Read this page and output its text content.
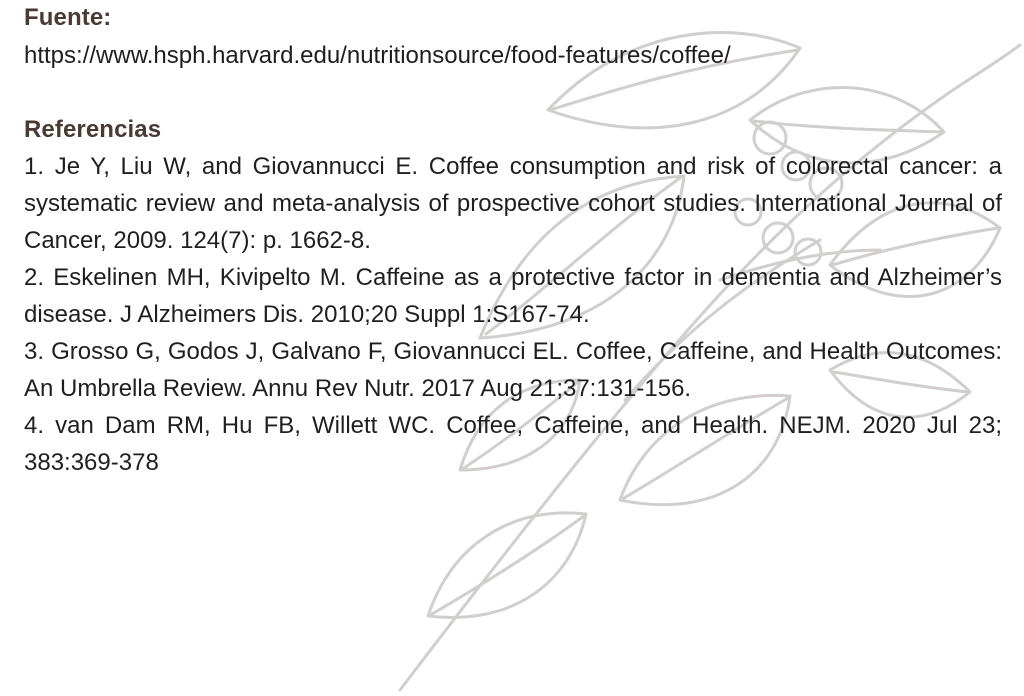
Fuente:

https://www.hsph.harvard.edu/nutritionsource/food-features/coffee/

Referencias
1. Je Y, Liu W, and Giovannucci E. Coffee consumption and risk of colorectal cancer: a systematic review and meta-analysis of prospective cohort studies. International Journal of Cancer, 2009. 124(7): p. 1662-8.
2. Eskelinen MH, Kivipelto M. Caffeine as a protective factor in dementia and Alzheimer’s disease. J Alzheimers Dis. 2010;20 Suppl 1:S167-74.
3. Grosso G, Godos J, Galvano F, Giovannucci EL. Coffee, Caffeine, and Health Outcomes: An Umbrella Review. Annu Rev Nutr. 2017 Aug 21;37:131-156.
4. van Dam RM, Hu FB, Willett WC. Coffee, Caffeine, and Health. NEJM. 2020 Jul 23; 383:369-378
